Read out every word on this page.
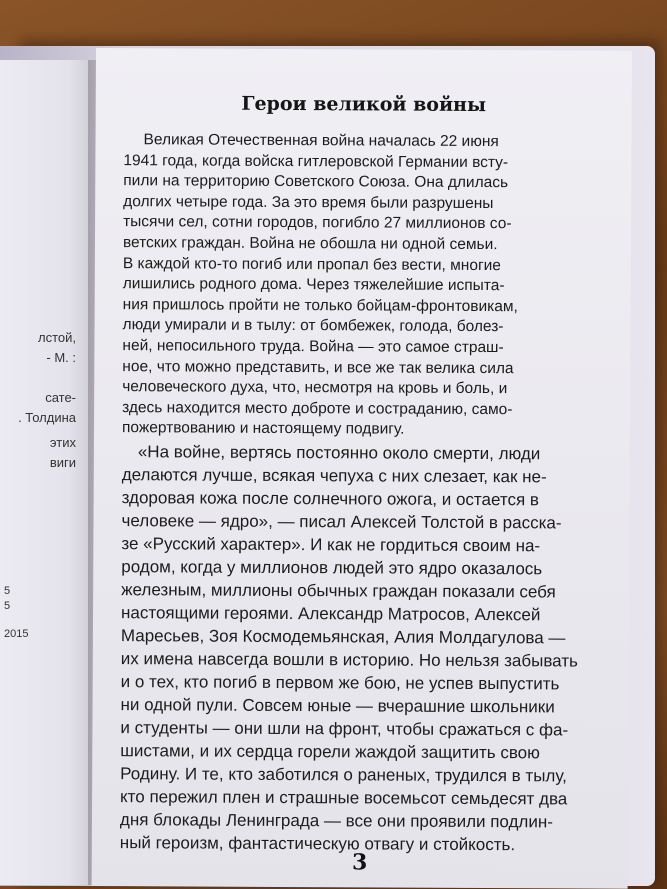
лстой,
- М. :
сате-
. Толдина
этих
виги
5
5
2015
Герои великой войны
Великая Отечественная война началась 22 июня
1941 года, когда войска гитлеровской Германии всту-
пили на территорию Советского Союза. Она длилась
долгих четыре года. За это время были разрушены
тысячи сел, сотни городов, погибло 27 миллионов со-
ветских граждан. Война не обошла ни одной семьи.
В каждой кто-то погиб или пропал без вести, многие
лишились родного дома. Через тяжелейшие испыта-
ния пришлось пройти не только бойцам-фронтовикам,
люди умирали и в тылу: от бомбежек, голода, болез-
ней, непосильного труда. Война — это самое страш-
ное, что можно представить, и все же так велика сила
человеческого духа, что, несмотря на кровь и боль, и
здесь находится место доброте и состраданию, само-
пожертвованию и настоящему подвигу.
«На войне, вертясь постоянно около смерти, люди
делаются лучше, всякая чепуха с них слезает, как не-
здоровая кожа после солнечного ожога, и остается в
человеке — ядро», — писал Алексей Толстой в расска-
зе «Русский характер». И как не гордиться своим на-
родом, когда у миллионов людей это ядро оказалось
железным, миллионы обычных граждан показали себя
настоящими героями. Александр Матросов, Алексей
Маресьев, Зоя Космодемьянская, Алия Молдагулова —
их имена навсегда вошли в историю. Но нельзя забывать
и о тех, кто погиб в первом же бою, не успев выпустить
ни одной пули. Совсем юные — вчерашние школьники
и студенты — они шли на фронт, чтобы сражаться с фа-
шистами, и их сердца горели жаждой защитить свою
Родину. И те, кто заботился о раненых, трудился в тылу,
кто пережил плен и страшные восемьсот семьдесят два
дня блокады Ленинграда — все они проявили подлин-
ный героизм, фантастическую отвагу и стойкость.
3
